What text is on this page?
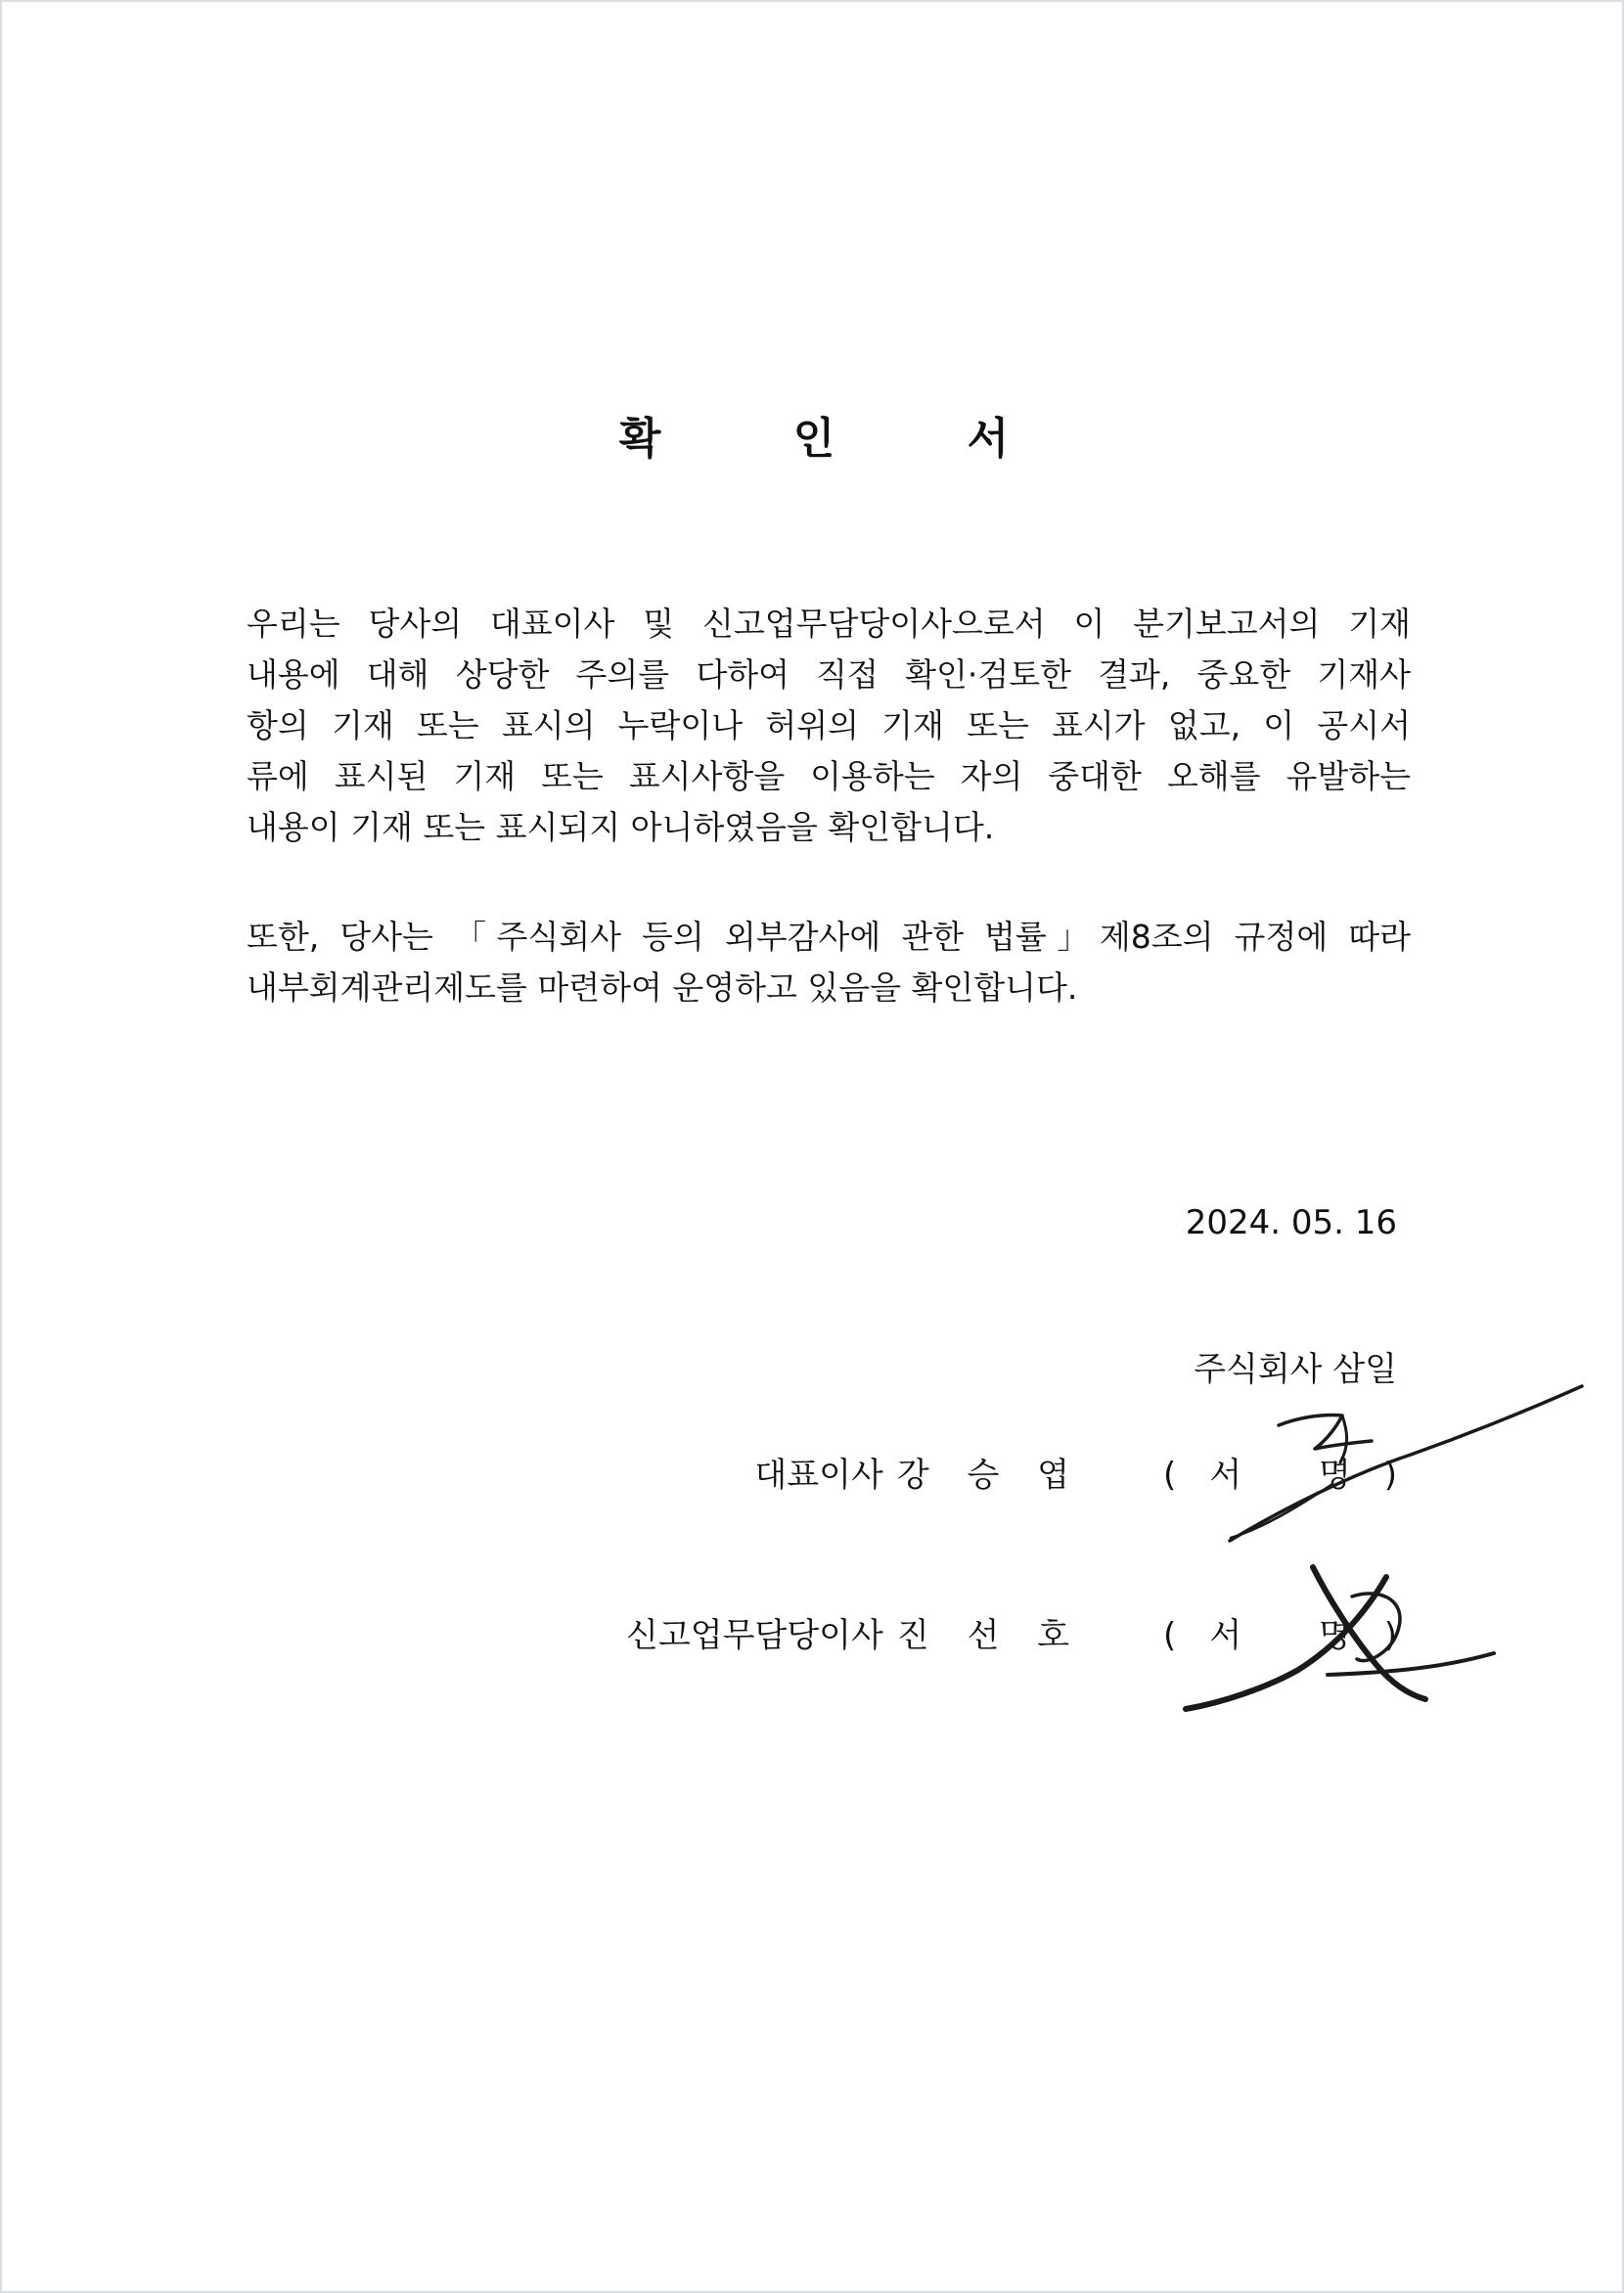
확 인 서
우리는 당사의 대표이사 및 신고업무담당이사으로서 이 분기보고서의 기재
내용에 대해 상당한 주의를 다하여 직접 확인·검토한 결과, 중요한 기재사
항의 기재 또는 표시의 누락이나 허위의 기재 또는 표시가 없고, 이 공시서
류에 표시된 기재 또는 표시사항을 이용하는 자의 중대한 오해를 유발하는
내용이 기재 또는 표시되지 아니하였음을 확인합니다.
또한, 당사는 「주식회사 등의 외부감사에 관한 법률」제8조의 규정에 따라
내부회계관리제도를 마련하여 운영하고 있음을 확인합니다.
2024. 05. 16
주식회사 삼일
대표이사 강 승 엽 (서 명)
신고업무담당이사 진 선 호 (서 명)
